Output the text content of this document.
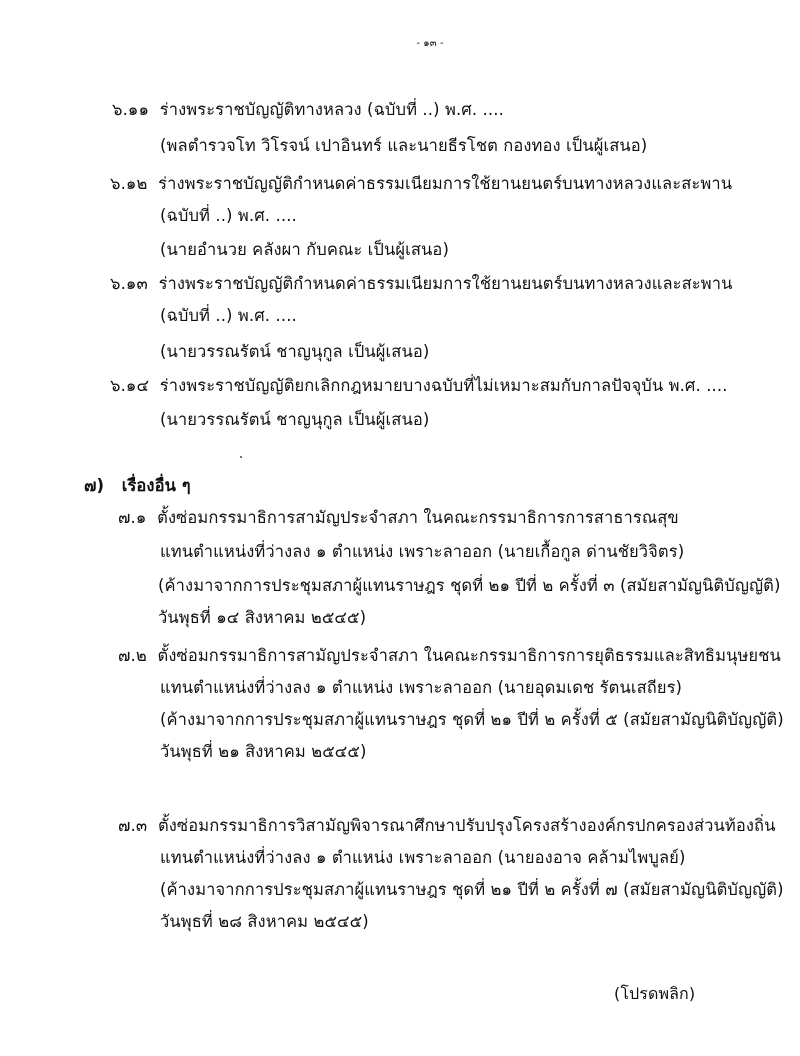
- ๑๓ -
๖.๑๑ ร่างพระราชบัญญัติทางหลวง (ฉบับที่ ..) พ.ศ. ....
(พลตำรวจโท วิโรจน์ เปาอินทร์ และนายธีรโชต กองทอง เป็นผู้เสนอ)
๖.๑๒ ร่างพระราชบัญญัติกำหนดค่าธรรมเนียมการใช้ยานยนตร์บนทางหลวงและสะพาน
(ฉบับที่ ..) พ.ศ. ....
(นายอำนวย คลังผา กับคณะ เป็นผู้เสนอ)
๖.๑๓ ร่างพระราชบัญญัติกำหนดค่าธรรมเนียมการใช้ยานยนตร์บนทางหลวงและสะพาน
(ฉบับที่ ..) พ.ศ. ....
(นายวรรณรัตน์ ชาญนุกูล เป็นผู้เสนอ)
๖.๑๔ ร่างพระราชบัญญัติยกเลิกกฎหมายบางฉบับที่ไม่เหมาะสมกับกาลปัจจุบัน พ.ศ. ....
(นายวรรณรัตน์ ชาญนุกูล เป็นผู้เสนอ)
๗)   เรื่องอื่น ๆ
๗.๑ ตั้งซ่อมกรรมาธิการสามัญประจำสภา ในคณะกรรมาธิการการสาธารณสุข
แทนตำแหน่งที่ว่างลง ๑ ตำแหน่ง เพราะลาออก (นายเกื้อกูล ด่านชัยวิจิตร)
(ค้างมาจากการประชุมสภาผู้แทนราษฎร ชุดที่ ๒๑ ปีที่ ๒ ครั้งที่ ๓ (สมัยสามัญนิติบัญญัติ)
วันพุธที่ ๑๔ สิงหาคม ๒๕๔๕)
๗.๒ ตั้งซ่อมกรรมาธิการสามัญประจำสภา ในคณะกรรมาธิการการยุติธรรมและสิทธิมนุษยชน
แทนตำแหน่งที่ว่างลง ๑ ตำแหน่ง เพราะลาออก (นายอุดมเดช รัตนเสถียร)
(ค้างมาจากการประชุมสภาผู้แทนราษฎร ชุดที่ ๒๑ ปีที่ ๒ ครั้งที่ ๕ (สมัยสามัญนิติบัญญัติ)
วันพุธที่ ๒๑ สิงหาคม ๒๕๔๕)
๗.๓ ตั้งซ่อมกรรมาธิการวิสามัญพิจารณาศึกษาปรับปรุงโครงสร้างองค์กรปกครองส่วนท้องถิ่น
แทนตำแหน่งที่ว่างลง ๑ ตำแหน่ง เพราะลาออก (นายองอาจ คล้ามไพบูลย์)
(ค้างมาจากการประชุมสภาผู้แทนราษฎร ชุดที่ ๒๑ ปีที่ ๒ ครั้งที่ ๗ (สมัยสามัญนิติบัญญัติ)
วันพุธที่ ๒๘ สิงหาคม ๒๕๔๕)
(โปรดพลิก)
